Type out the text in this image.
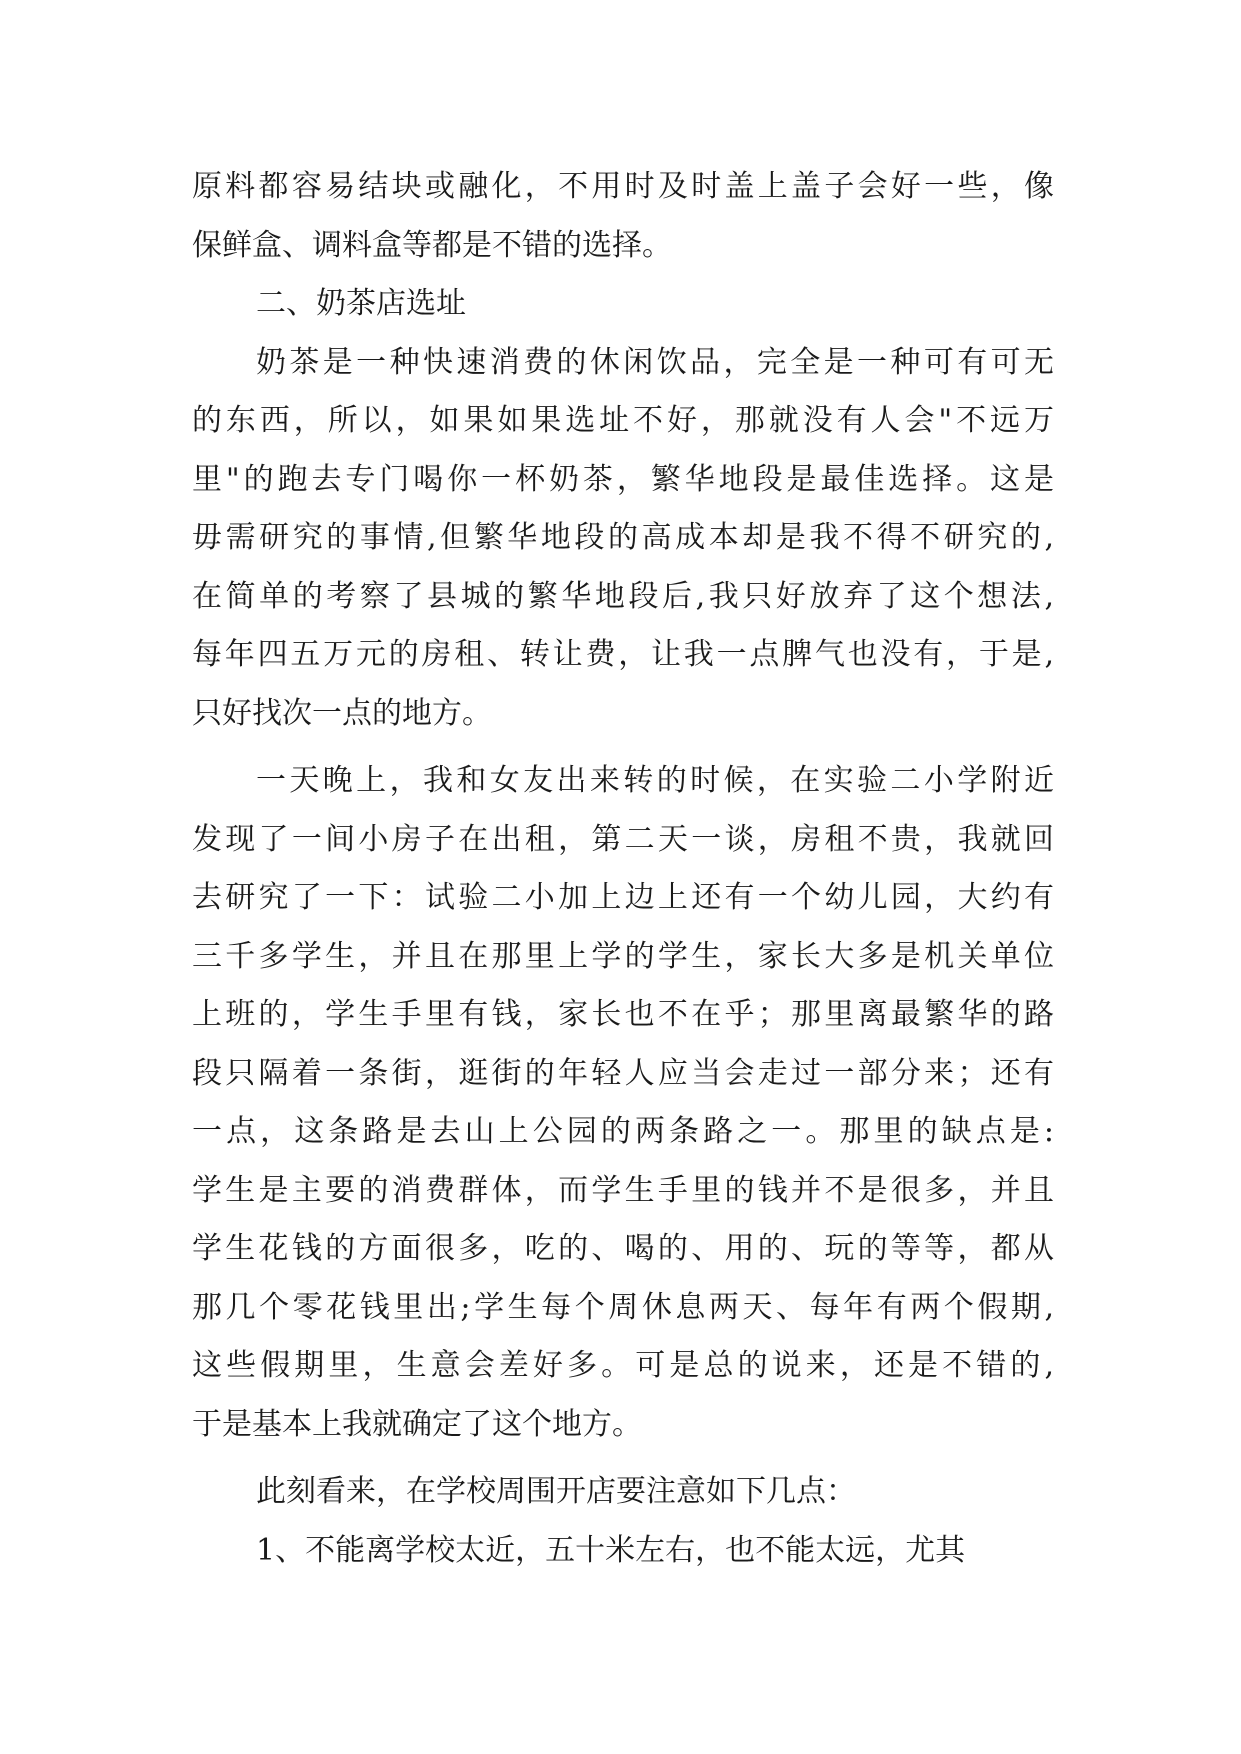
原料都容易结块或融化，不用时及时盖上盖子会好一些，像
保鲜盒、调料盒等都是不错的选择。
二、奶茶店选址
奶茶是一种快速消费的休闲饮品，完全是一种可有可无
的东西，所以，如果如果选址不好，那就没有人会"不远万
里"的跑去专门喝你一杯奶茶，繁华地段是最佳选择。这是
毋需研究的事情,但繁华地段的高成本却是我不得不研究的,
在简单的考察了县城的繁华地段后,我只好放弃了这个想法,
每年四五万元的房租、转让费，让我一点脾气也没有，于是,
只好找次一点的地方。
一天晚上，我和女友出来转的时候，在实验二小学附近
发现了一间小房子在出租，第二天一谈，房租不贵，我就回
去研究了一下：试验二小加上边上还有一个幼儿园，大约有
三千多学生，并且在那里上学的学生，家长大多是机关单位
上班的，学生手里有钱，家长也不在乎；那里离最繁华的路
段只隔着一条街，逛街的年轻人应当会走过一部分来；还有
一点，这条路是去山上公园的两条路之一。那里的缺点是:
学生是主要的消费群体，而学生手里的钱并不是很多，并且
学生花钱的方面很多，吃的、喝的、用的、玩的等等，都从
那几个零花钱里出;学生每个周休息两天、每年有两个假期,
这些假期里，生意会差好多。可是总的说来，还是不错的,
于是基本上我就确定了这个地方。
此刻看来，在学校周围开店要注意如下几点：
1、不能离学校太近，五十米左右，也不能太远，尤其
